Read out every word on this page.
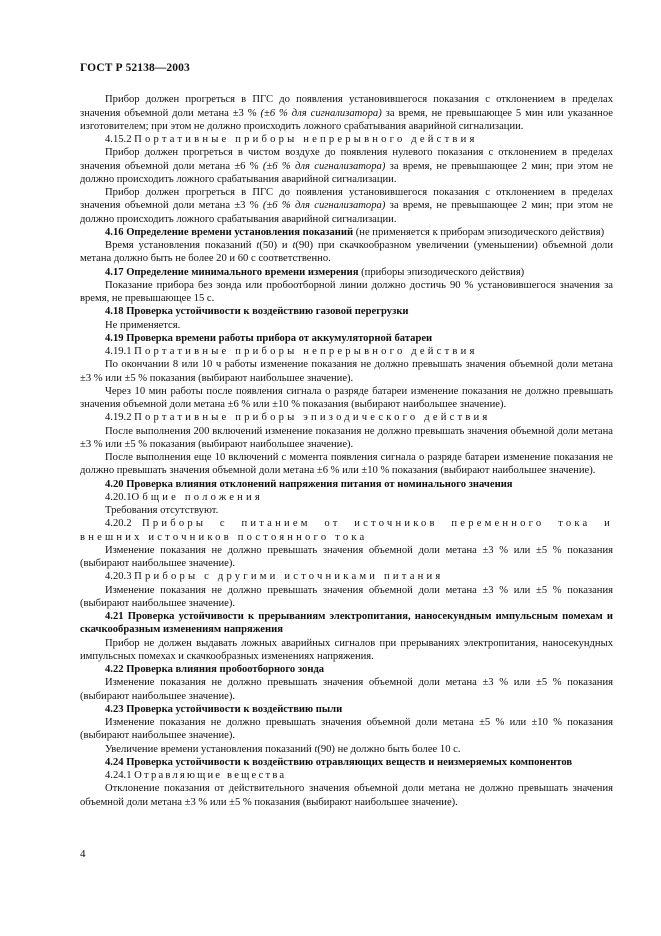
ГОСТ Р 52138—2003

Прибор должен прогреться в ПГС до появления установившегося показания с отклонением в пределах значения объемной доли метана ±3 % (±6 % для сигнализатора) за время, не превышающее 5 мин или указанное изготовителем; при этом не должно происходить ложного срабатывания аварийной сигнализации.

4.15.2 Портативные приборы непрерывного действия

Прибор должен прогреться в чистом воздухе до появления нулевого показания с отклонением в пределах значения объемной доли метана ±6 % (±6 % для сигнализатора) за время, не превышающее 2 мин; при этом не должно происходить ложного срабатывания аварийной сигнализации.

Прибор должен прогреться в ПГС до появления установившегося показания с отклонением в пределах значения объемной доли метана ±3 % (±6 % для сигнализатора) за время, не превышающее 2 мин; при этом не должно происходить ложного срабатывания аварийной сигнализации.

4.16 Определение времени установления показаний (не применяется к приборам эпизодического действия)

Время установления показаний t(50) и t(90) при скачкообразном увеличении (уменьшении) объемной доли метана должно быть не более 20 и 60 с соответственно.

4.17 Определение минимального времени измерения (приборы эпизодического действия)

Показание прибора без зонда или пробоотборной линии должно достичь 90 % установившегося значения за время, не превышающее 15 с.

4.18 Проверка устойчивости к воздействию газовой перегрузки

Не применяется.

4.19 Проверка времени работы прибора от аккумуляторной батареи

4.19.1 Портативные приборы непрерывного действия

По окончании 8 или 10 ч работы изменение показания не должно превышать значения объемной доли метана ±3 % или ±5 % показания (выбирают наибольшее значение).

Через 10 мин работы после появления сигнала о разряде батареи изменение показания не должно превышать значения объемной доли метана ±6 % или ±10 % показания (выбирают наибольшее значение).

4.19.2 Портативные приборы эпизодического действия

После выполнения 200 включений изменение показания не должно превышать значения объемной доли метана ±3 % или ±5 % показания (выбирают наибольшее значение).

После выполнения еще 10 включений с момента появления сигнала о разряде батареи изменение показания не должно превышать значения объемной доли метана ±6 % или ±10 % показания (выбирают наибольшее значение).

4.20 Проверка влияния отклонений напряжения питания от номинального значения

4.20.1Общие положения

Требования отсутствуют.

4.20.2 Приборы с питанием от источников переменного тока и внешних источников постоянного тока

Изменение показания не должно превышать значения объемной доли метана ±3 % или ±5 % показания (выбирают наибольшее значение).

4.20.3 Приборы с другими источниками питания

Изменение показания не должно превышать значения объемной доли метана ±3 % или ±5 % показания (выбирают наибольшее значение).

4.21 Проверка устойчивости к прерываниям электропитания, наносекундным импульсным помехам и скачкообразным изменениям напряжения

Прибор не должен выдавать ложных аварийных сигналов при прерываниях электропитания, наносекундных импульсных помехах и скачкообразных изменениях напряжения.

4.22 Проверка влияния пробоотборного зонда

Изменение показания не должно превышать значения объемной доли метана ±3 % или ±5 % показания (выбирают наибольшее значение).

4.23 Проверка устойчивости к воздействию пыли

Изменение показания не должно превышать значения объемной доли метана ±5 % или ±10 % показания (выбирают наибольшее значение).

Увеличение времени установления показаний t(90) не должно быть более 10 с.

4.24 Проверка устойчивости к воздействию отравляющих веществ и неизмеряемых компонентов

4.24.1 Отравляющие вещества

Отклонение показания от действительного значения объемной доли метана не должно превышать значения объемной доли метана ±3 % или ±5 % показания (выбирают наибольшее значение).

4
